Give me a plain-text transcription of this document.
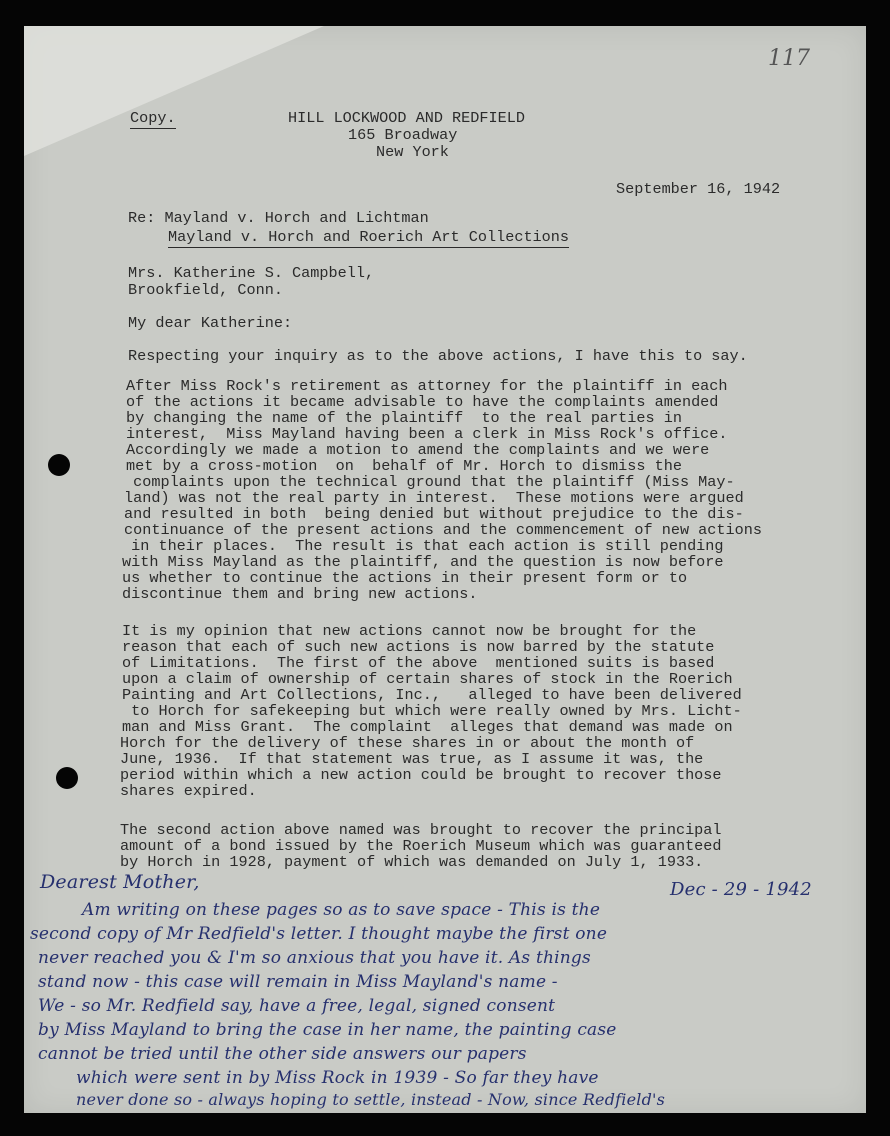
117
Copy.	HILL LOCKWOOD AND REDFIELD
165 Broadway
New York
September 16, 1942
Re: Mayland v. Horch and Lichtman
Mayland v. Horch and Roerich Art Collections
Mrs. Katherine S. Campbell,
Brookfield, Conn.
My dear Katherine:
Respecting your inquiry as to the above actions, I have this to say.
After Miss Rock's retirement as attorney for the plaintiff in each
of the actions it became advisable to have the complaints amended
by changing the name of the plaintiff  to the real parties in
interest,  Miss Mayland having been a clerk in Miss Rock's office.
Accordingly we made a motion to amend the complaints and we were
met by a cross-motion  on  behalf of Mr. Horch to dismiss the
complaints upon the technical ground that the plaintiff (Miss May-
land) was not the real party in interest.  These motions were argued
and resulted in both  being denied but without prejudice to the dis-
continuance of the present actions and the commencement of new actions
in their places.  The result is that each action is still pending
with Miss Mayland as the plaintiff, and the question is now before
us whether to continue the actions in their present form or to
discontinue them and bring new actions.
It is my opinion that new actions cannot now be brought for the
reason that each of such new actions is now barred by the statute
of Limitations.  The first of the above  mentioned suits is based
upon a claim of ownership of certain shares of stock in the Roerich
Painting and Art Collections, Inc.,   alleged to have been delivered
to Horch for safekeeping but which were really owned by Mrs. Licht-
man and Miss Grant.  The complaint  alleges that demand was made on
Horch for the delivery of these shares in or about the month of
June, 1936.  If that statement was true, as I assume it was, the
period within which a new action could be brought to recover those
shares expired.
The second action above named was brought to recover the principal
amount of a bond issued by the Roerich Museum which was guaranteed
by Horch in 1928, payment of which was demanded on July 1, 1933.
Dearest Mother,	Dec - 29 - 1942
Am writing on these pages so as to save space - This is the
second copy of Mr Redfield's letter. I thought maybe the first one
never reached you & I'm so anxious that you have it. As things
stand now - this case will remain in Miss Mayland's name -
We - so Mr. Redfield say, have a free, legal, signed consent
by Miss Mayland to bring the case in her name, the painting case
cannot be tried until the other side answers our papers
which were sent in by Miss Rock in 1939 - So far they have
never done so - always hoping to settle, instead - Now, since Redfield's
